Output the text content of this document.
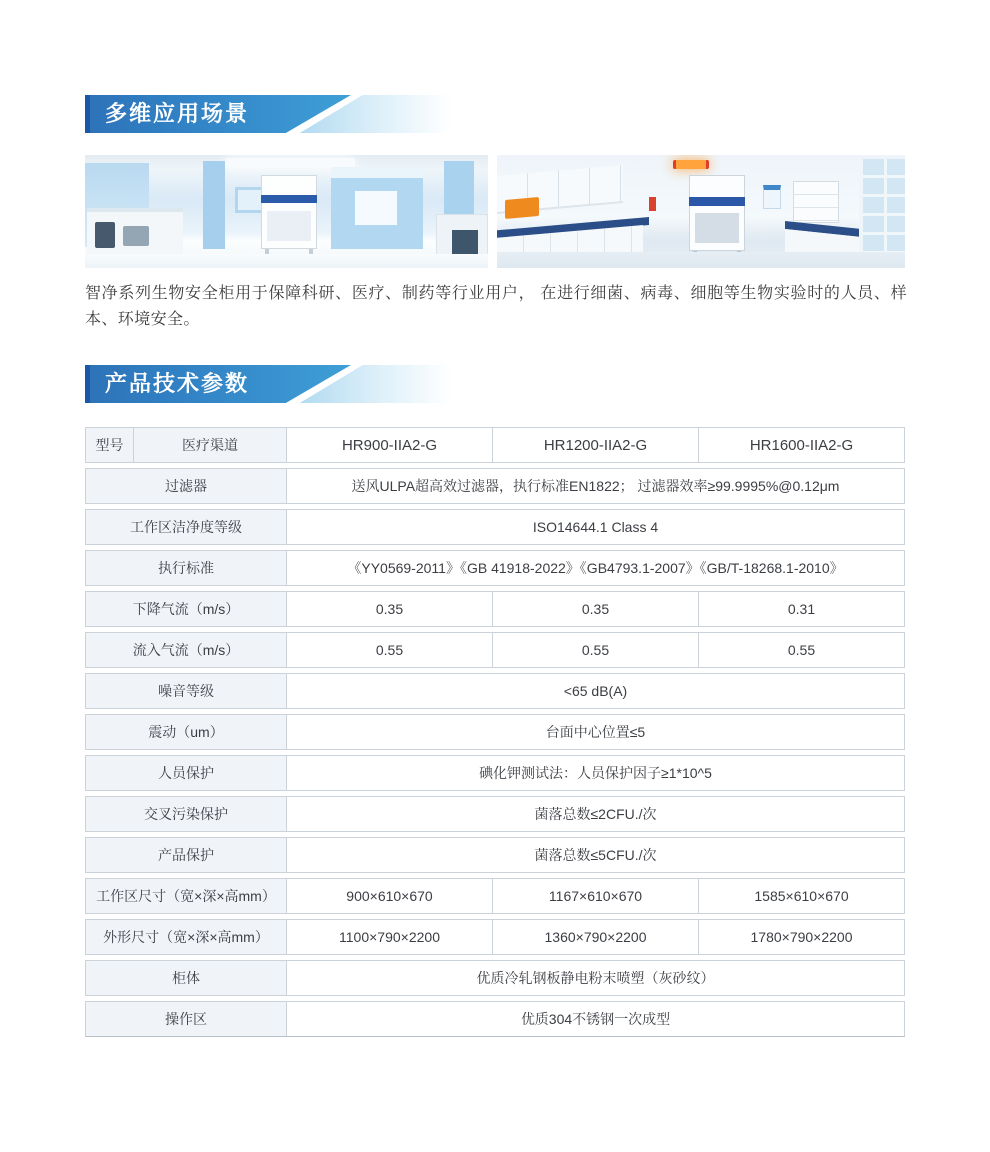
多维应用场景

智净系列生物安全柜用于保障科研、医疗、制药等行业用户， 在进行细菌、病毒、细胞等生物实验时的人员、样本、环境安全。

产品技术参数
型号	医疗渠道	HR900-IIA2-G	HR1200-IIA2-G	HR1600-IIA2-G
过滤器	送风ULPA超高效过滤器，执行标准EN1822； 过滤器效率≥99.9995%@0.12μm
工作区洁净度等级	ISO14644.1 Class 4
执行标准	《YY0569-2011》《GB 41918-2022》《GB4793.1-2007》《GB/T-18268.1-2010》
下降气流（m/s）	0.35	0.35	0.31
流入气流（m/s）	0.55	0.55	0.55
噪音等级	<65 dB(A)
震动（um）	台面中心位置≤5
人员保护	碘化钾测试法：人员保护因子≥1*10^5
交叉污染保护	菌落总数≤2CFU./次
产品保护	菌落总数≤5CFU./次
工作区尺寸（宽×深×高mm）	900×610×670	1167×610×670	1585×610×670
外形尺寸（宽×深×高mm）	1100×790×2200	1360×790×2200	1780×790×2200
柜体	优质冷轧钢板静电粉末喷塑（灰砂纹）
操作区	优质304不锈钢一次成型
